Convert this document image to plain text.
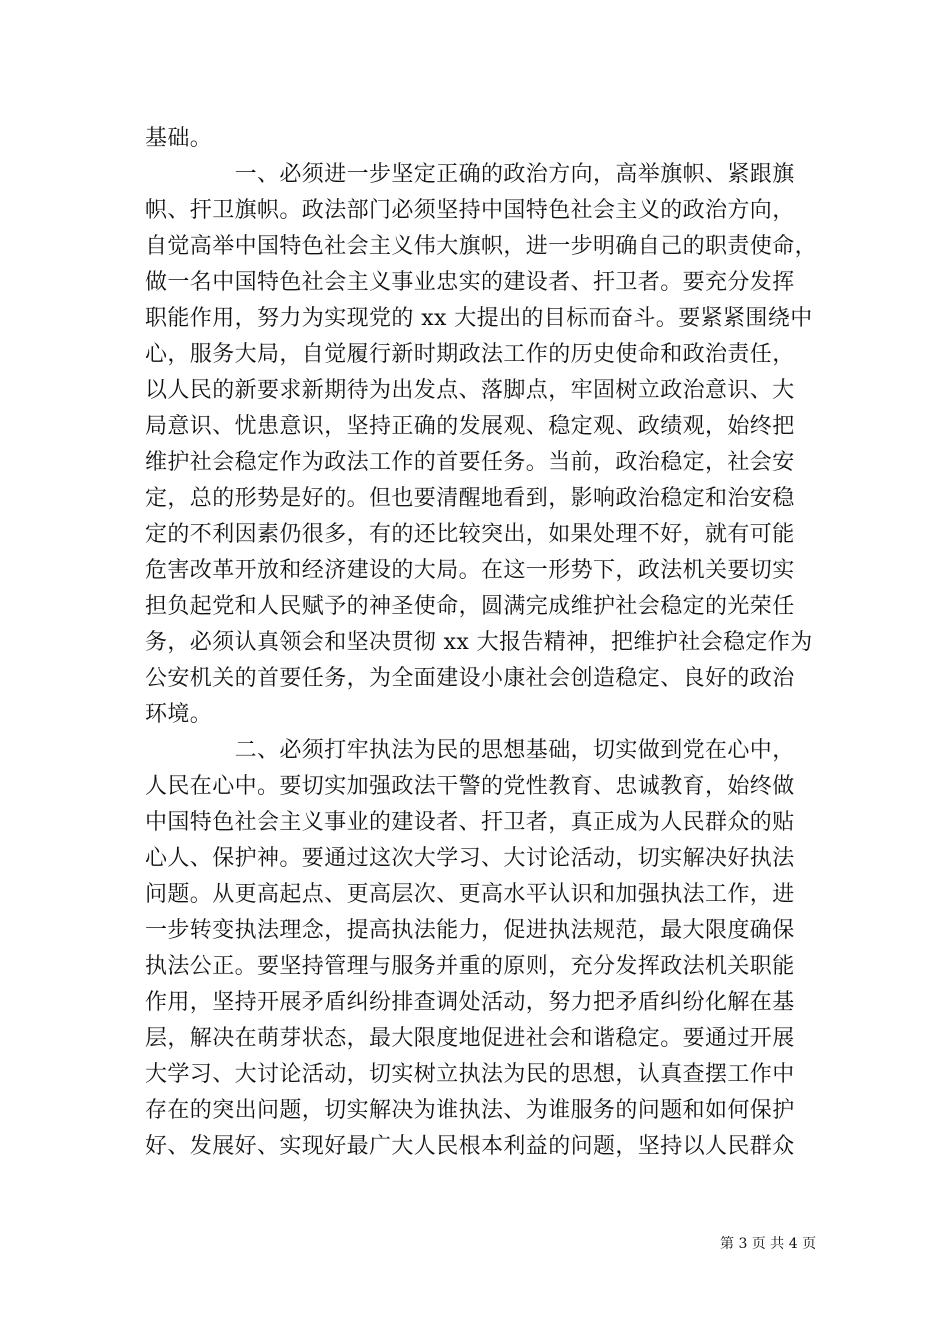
基础。
　　　　一、必须进一步坚定正确的政治方向，高举旗帜、紧跟旗
帜、扞卫旗帜。政法部门必须坚持中国特色社会主义的政治方向，
自觉高举中国特色社会主义伟大旗帜，进一步明确自己的职责使命，
做一名中国特色社会主义事业忠实的建设者、扞卫者。要充分发挥
职能作用，努力为实现党的 xx 大提出的目标而奋斗。要紧紧围绕中
心，服务大局，自觉履行新时期政法工作的历史使命和政治责任，
以人民的新要求新期待为出发点、落脚点，牢固树立政治意识、大
局意识、忧患意识，坚持正确的发展观、稳定观、政绩观，始终把
维护社会稳定作为政法工作的首要任务。当前，政治稳定，社会安
定，总的形势是好的。但也要清醒地看到，影响政治稳定和治安稳
定的不利因素仍很多，有的还比较突出，如果处理不好，就有可能
危害改革开放和经济建设的大局。在这一形势下，政法机关要切实
担负起党和人民赋予的神圣使命，圆满完成维护社会稳定的光荣任
务，必须认真领会和坚决贯彻 xx 大报告精神，把维护社会稳定作为
公安机关的首要任务，为全面建设小康社会创造稳定、良好的政治
环境。
　　　　二、必须打牢执法为民的思想基础，切实做到党在心中，
人民在心中。要切实加强政法干警的党性教育、忠诚教育，始终做
中国特色社会主义事业的建设者、扞卫者，真正成为人民群众的贴
心人、保护神。要通过这次大学习、大讨论活动，切实解决好执法
问题。从更高起点、更高层次、更高水平认识和加强执法工作，进
一步转变执法理念，提高执法能力，促进执法规范，最大限度确保
执法公正。要坚持管理与服务并重的原则，充分发挥政法机关职能
作用，坚持开展矛盾纠纷排查调处活动，努力把矛盾纠纷化解在基
层，解决在萌芽状态，最大限度地促进社会和谐稳定。要通过开展
大学习、大讨论活动，切实树立执法为民的思想，认真查摆工作中
存在的突出问题，切实解决为谁执法、为谁服务的问题和如何保护
好、发展好、实现好最广大人民根本利益的问题，坚持以人民群众
第 3 页 共 4 页
